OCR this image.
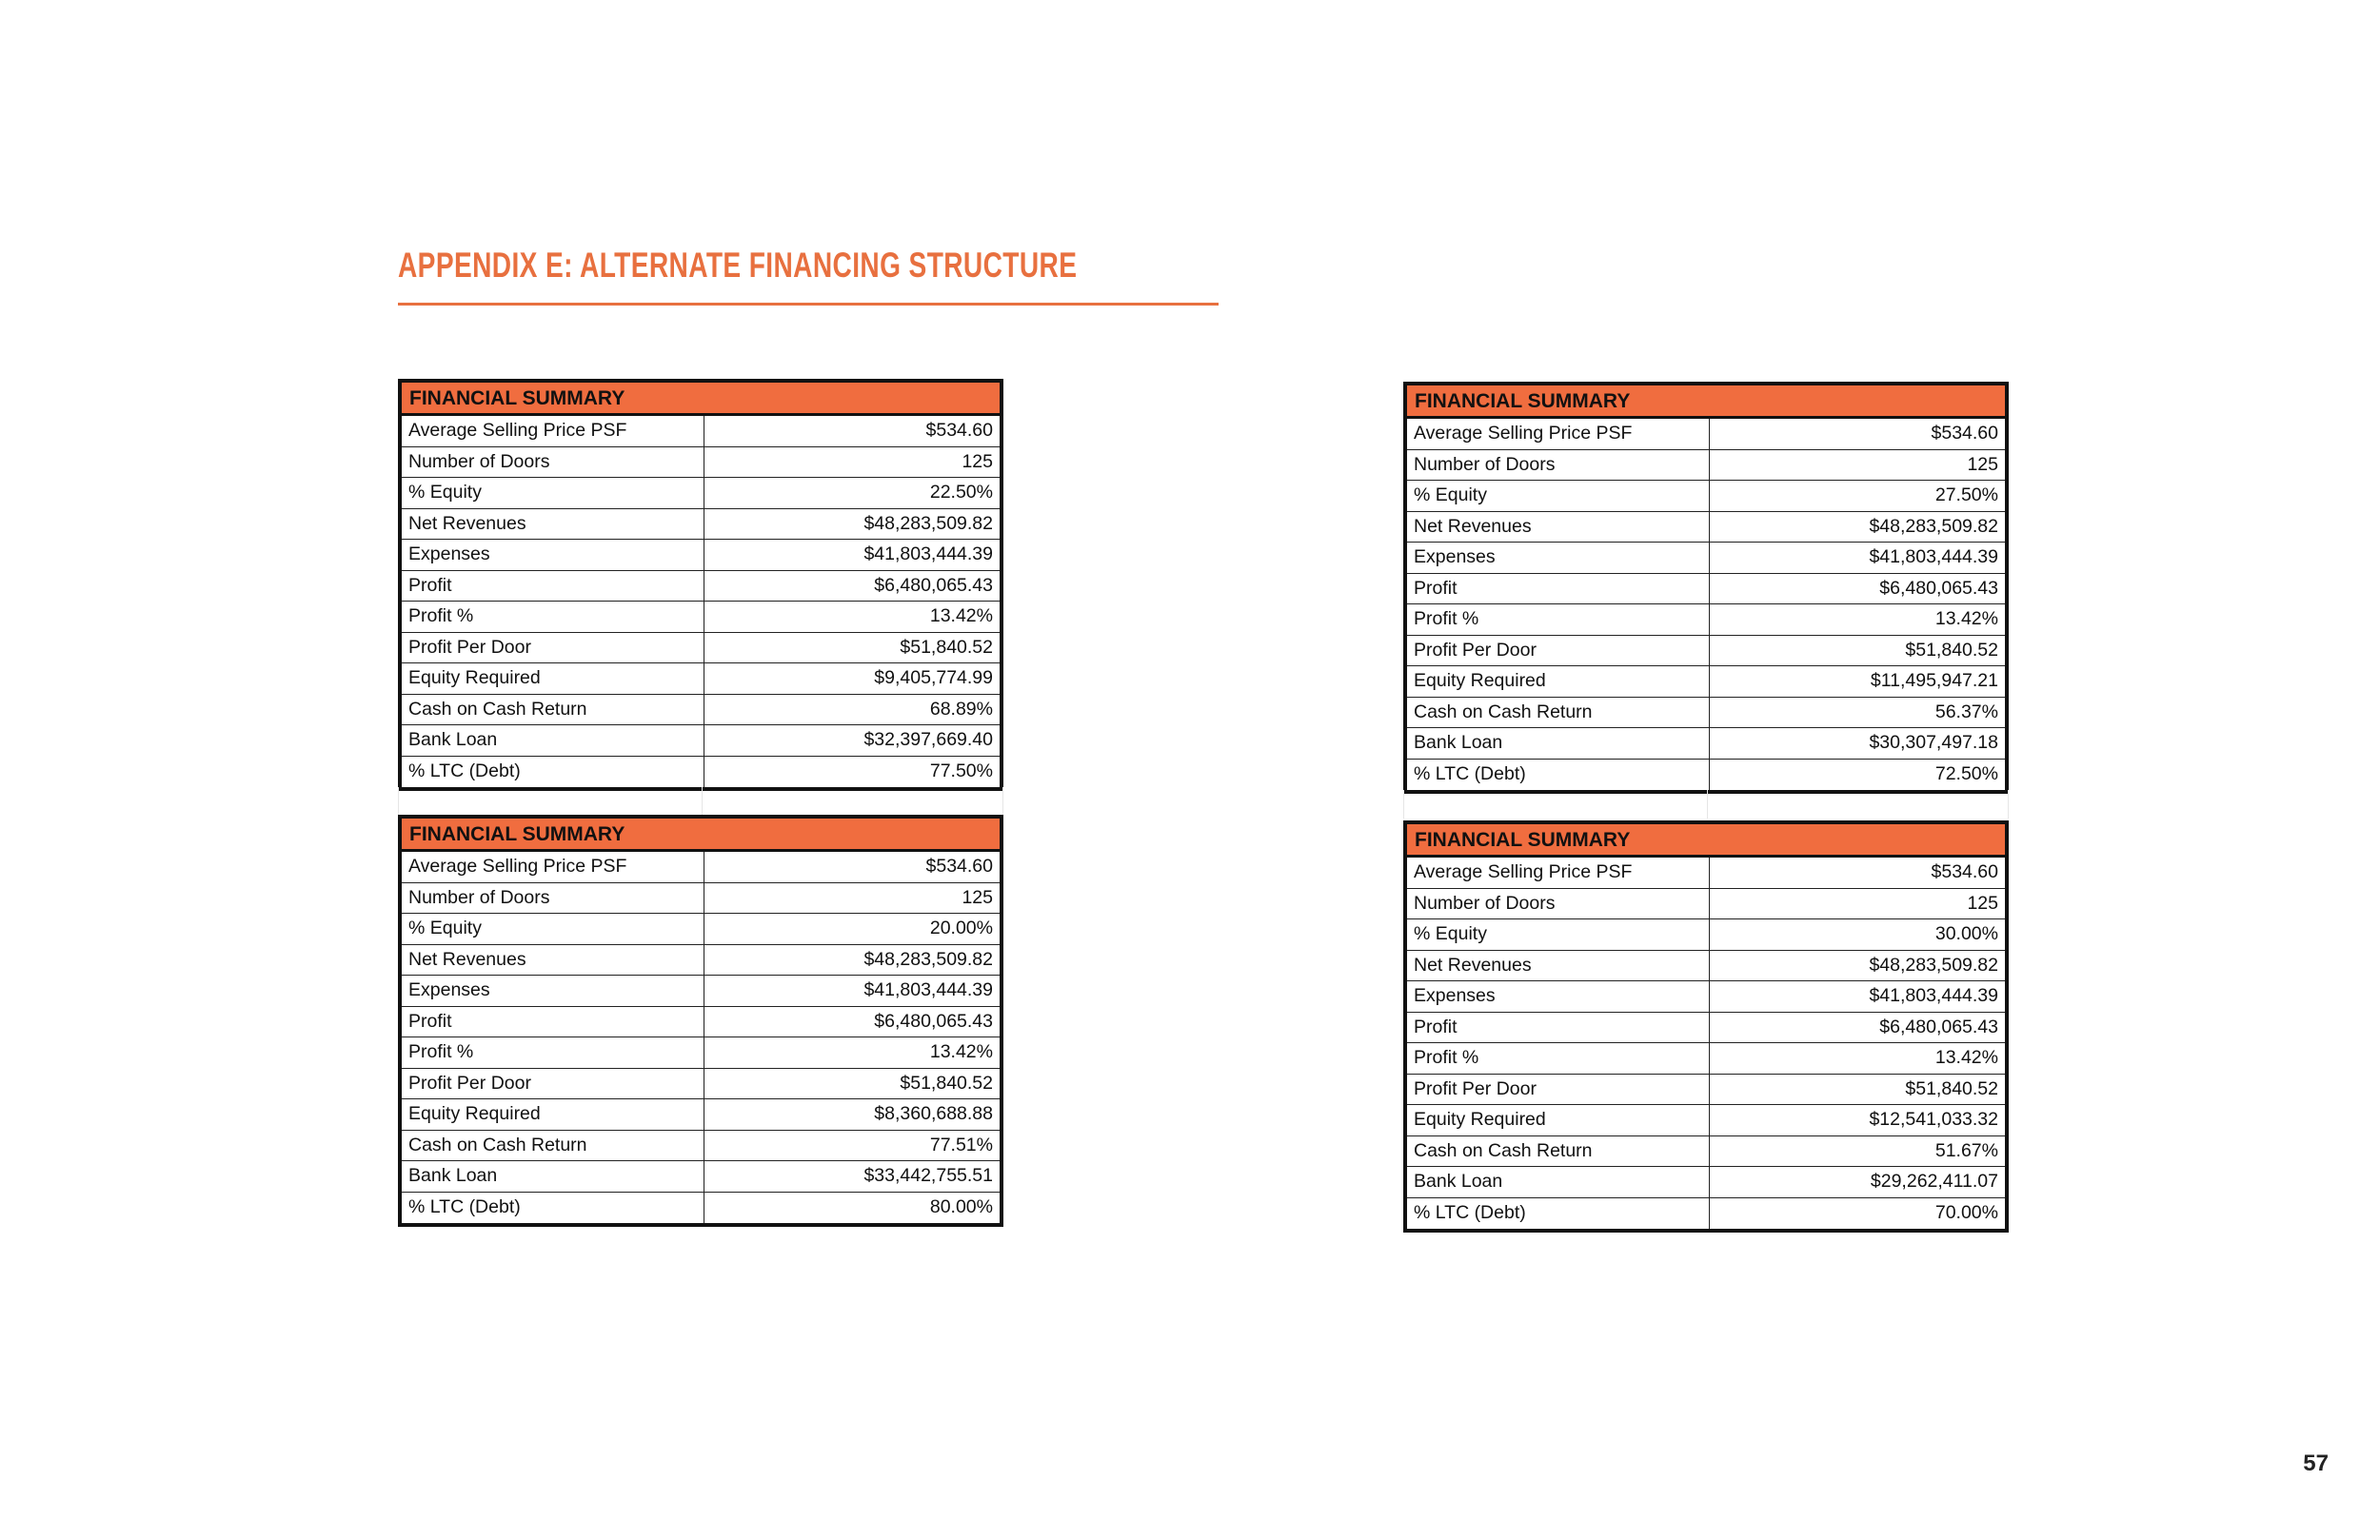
APPENDIX E: ALTERNATE FINANCING STRUCTURE
FINANCIAL SUMMARY
Average Selling Price PSF	$534.60
Number of Doors	125
% Equity	22.50%
Net Revenues	$48,283,509.82
Expenses	$41,803,444.39
Profit	$6,480,065.43
Profit %	13.42%
Profit Per Door	$51,840.52
Equity Required	$9,405,774.99
Cash on Cash Return	68.89%
Bank Loan	$32,397,669.40
% LTC (Debt)	77.50%
FINANCIAL SUMMARY
Average Selling Price PSF	$534.60
Number of Doors	125
% Equity	20.00%
Net Revenues	$48,283,509.82
Expenses	$41,803,444.39
Profit	$6,480,065.43
Profit %	13.42%
Profit Per Door	$51,840.52
Equity Required	$8,360,688.88
Cash on Cash Return	77.51%
Bank Loan	$33,442,755.51
% LTC (Debt)	80.00%
FINANCIAL SUMMARY
Average Selling Price PSF	$534.60
Number of Doors	125
% Equity	27.50%
Net Revenues	$48,283,509.82
Expenses	$41,803,444.39
Profit	$6,480,065.43
Profit %	13.42%
Profit Per Door	$51,840.52
Equity Required	$11,495,947.21
Cash on Cash Return	56.37%
Bank Loan	$30,307,497.18
% LTC (Debt)	72.50%
FINANCIAL SUMMARY
Average Selling Price PSF	$534.60
Number of Doors	125
% Equity	30.00%
Net Revenues	$48,283,509.82
Expenses	$41,803,444.39
Profit	$6,480,065.43
Profit %	13.42%
Profit Per Door	$51,840.52
Equity Required	$12,541,033.32
Cash on Cash Return	51.67%
Bank Loan	$29,262,411.07
% LTC (Debt)	70.00%
57
